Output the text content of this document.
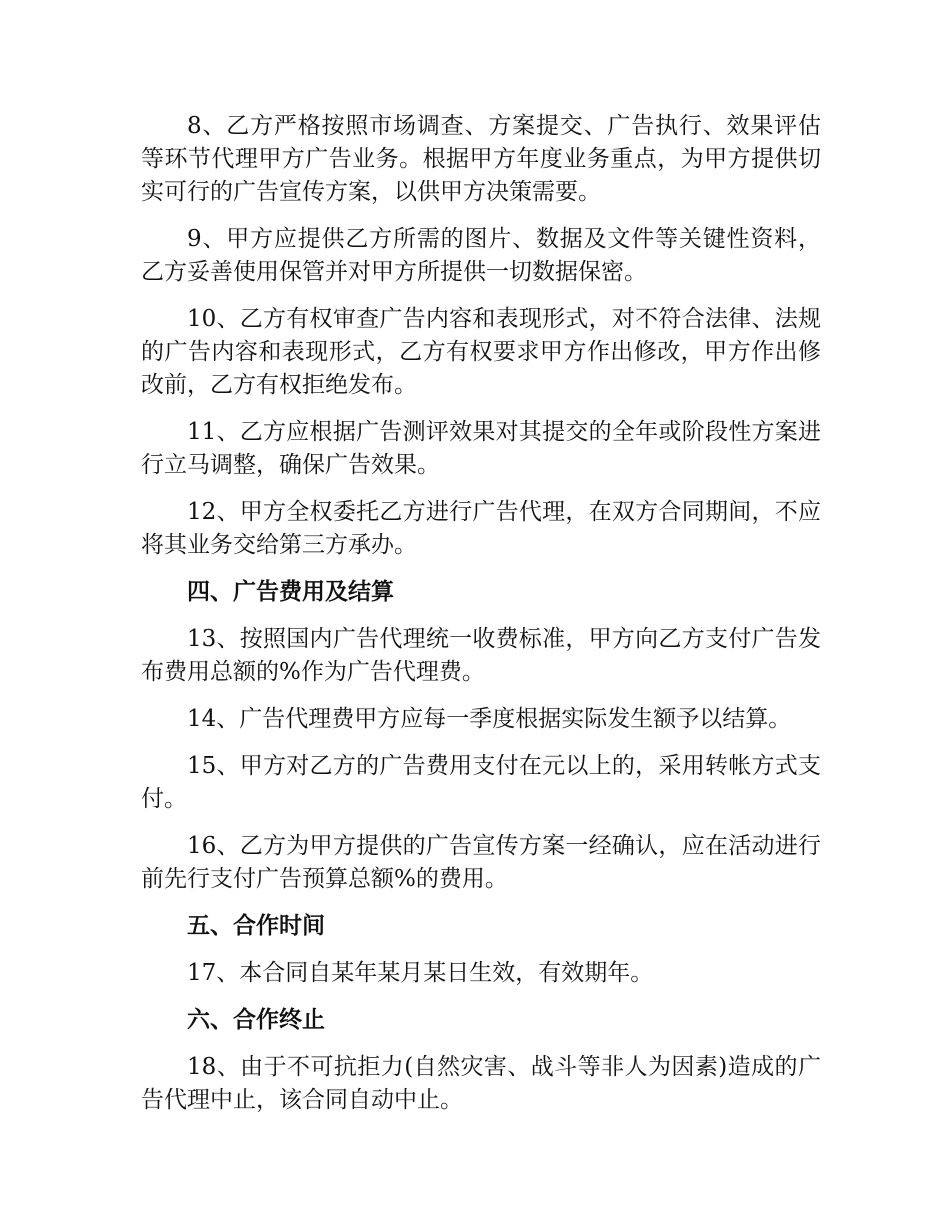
8、乙方严格按照市场调查、方案提交、广告执行、效果评估等环节代理甲方广告业务。根据甲方年度业务重点，为甲方提供切实可行的广告宣传方案，以供甲方决策需要。

9、甲方应提供乙方所需的图片、数据及文件等关键性资料，乙方妥善使用保管并对甲方所提供一切数据保密。

10、乙方有权审查广告内容和表现形式，对不符合法律、法规的广告内容和表现形式，乙方有权要求甲方作出修改，甲方作出修改前，乙方有权拒绝发布。

11、乙方应根据广告测评效果对其提交的全年或阶段性方案进行立马调整，确保广告效果。

12、甲方全权委托乙方进行广告代理，在双方合同期间，不应将其业务交给第三方承办。

四、广告费用及结算

13、按照国内广告代理统一收费标准，甲方向乙方支付广告发布费用总额的%作为广告代理费。

14、广告代理费甲方应每一季度根据实际发生额予以结算。

15、甲方对乙方的广告费用支付在元以上的，采用转帐方式支付。

16、乙方为甲方提供的广告宣传方案一经确认，应在活动进行前先行支付广告预算总额%的费用。

五、合作时间

17、本合同自某年某月某日生效，有效期年。

六、合作终止

18、由于不可抗拒力(自然灾害、战斗等非人为因素)造成的广告代理中止，该合同自动中止。
